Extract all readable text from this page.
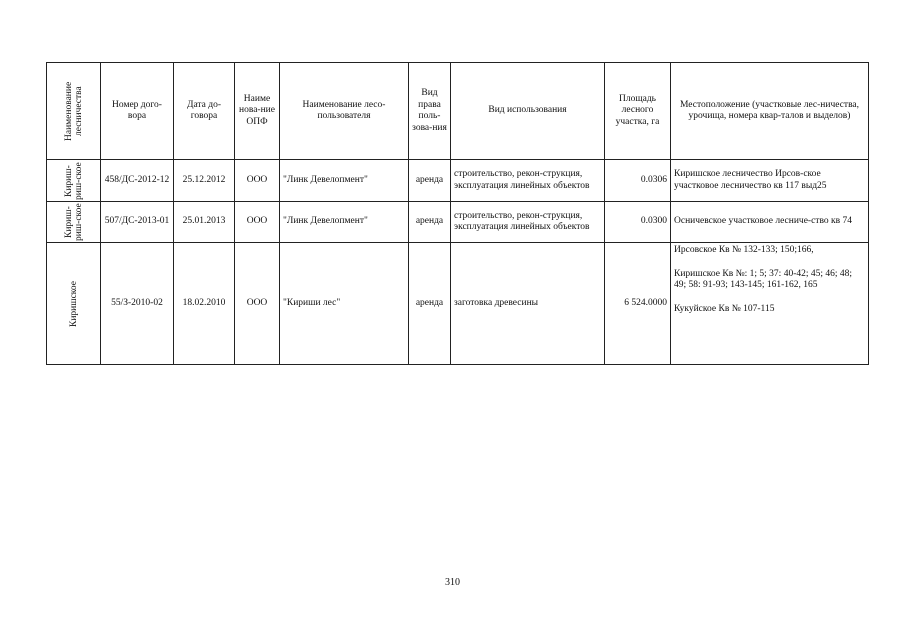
Наименование лесничества	Номер дого-вора	Дата до-говора	Наиме нова-ние ОПФ	Наименование лесо-пользователя	Вид права поль-зова-ния	Вид использования	Площадь лесного участка, га	Местоположение (участковые лес-ничества, урочища, номера квар-талов и выделов)

Кириш-риш-ское	458/ДС-2012-12	25.12.2012	ООО	"Линк Девелопмент"	аренда	строительство, рекон-струкция, эксплуатация линейных объектов	0.0306	Киришское лесничество Ирсов-ское участковое лесничество кв 117 выд25

Кириш-риш-ское	507/ДС-2013-01	25.01.2013	ООО	"Линк Девелопмент"	аренда	строительство, рекон-струкция, эксплуатация линейных объектов	0.0300	Осничевское участковое лесниче-ство кв 74

Киришское	55/З-2010-02	18.02.2010	ООО	"Кириши лес"	аренда	заготовка древесины	6 524.0000	Ирсовское Кв № 132-133; 150;166,
Киришское Кв №: 1; 5; 37: 40-42; 45; 46; 48; 49; 58: 91-93; 143-145; 161-162, 165
Кукуйское Кв № 107-115
310
